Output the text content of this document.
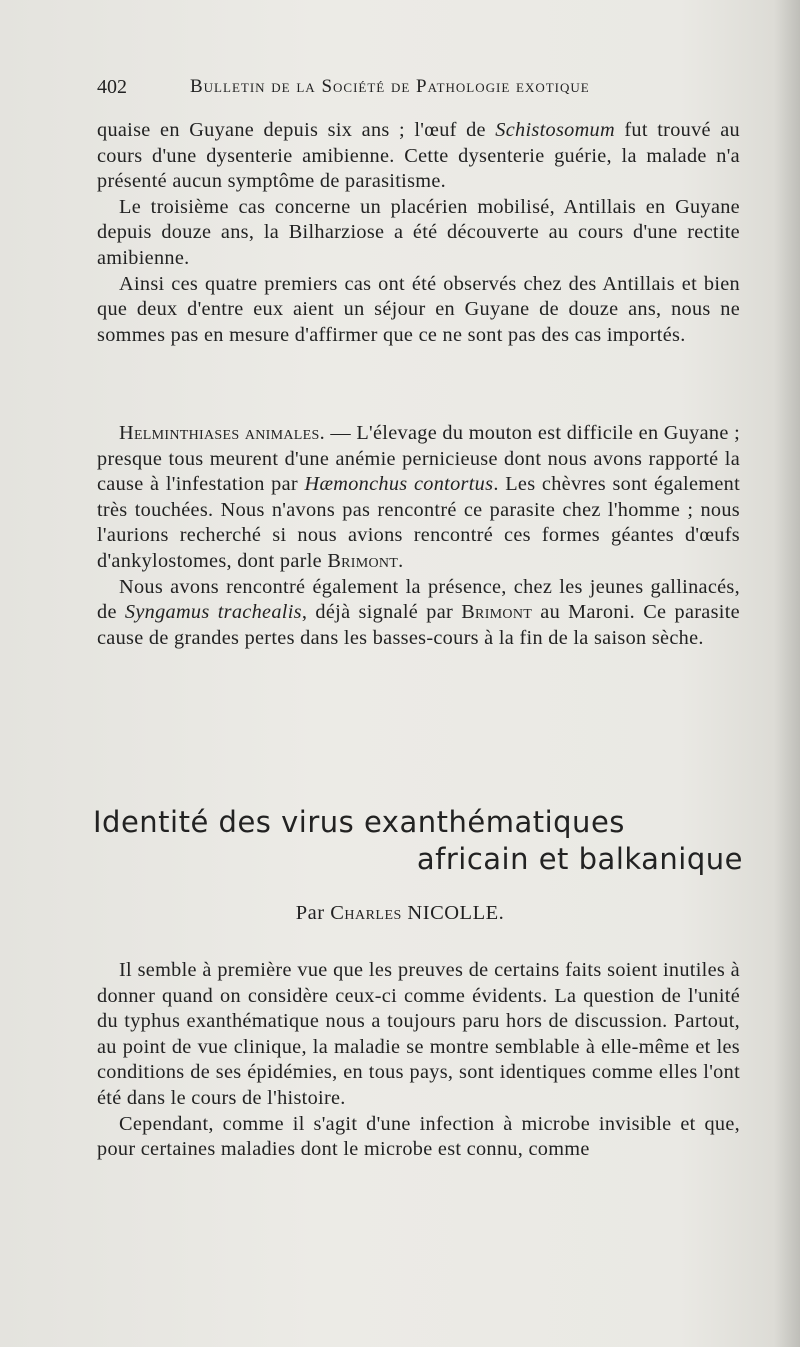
402	Bulletin de la Société de Pathologie exotique

quaise en Guyane depuis six ans ; l'œuf de Schistosomum fut trouvé au cours d'une dysenterie amibienne. Cette dysenterie guérie, la malade n'a présenté aucun symptôme de parasitisme.

Le troisième cas concerne un placérien mobilisé, Antillais en Guyane depuis douze ans, la Bilharziose a été découverte au cours d'une rectite amibienne.

Ainsi ces quatre premiers cas ont été observés chez des Antillais et bien que deux d'entre eux aient un séjour en Guyane de douze ans, nous ne sommes pas en mesure d'affirmer que ce ne sont pas des cas importés.

Helminthiases animales. — L'élevage du mouton est difficile en Guyane ; presque tous meurent d'une anémie pernicieuse dont nous avons rapporté la cause à l'infestation par Hæmonchus contortus. Les chèvres sont également très touchées. Nous n'avons pas rencontré ce parasite chez l'homme ; nous l'aurions recherché si nous avions rencontré ces formes géantes d'œufs d'ankylostomes, dont parle Brimont.

Nous avons rencontré également la présence, chez les jeunes gallinacés, de Syngamus trachealis, déjà signalé par Brimont au Maroni. Ce parasite cause de grandes pertes dans les basses-cours à la fin de la saison sèche.

Identité des virus exanthématiques
africain et balkanique
Par Charles NICOLLE.

Il semble à première vue que les preuves de certains faits soient inutiles à donner quand on considère ceux-ci comme évidents. La question de l'unité du typhus exanthématique nous a toujours paru hors de discussion. Partout, au point de vue clinique, la maladie se montre semblable à elle-même et les conditions de ses épidémies, en tous pays, sont identiques comme elles l'ont été dans le cours de l'histoire.

Cependant, comme il s'agit d'une infection à microbe invisible et que, pour certaines maladies dont le microbe est connu, comme
